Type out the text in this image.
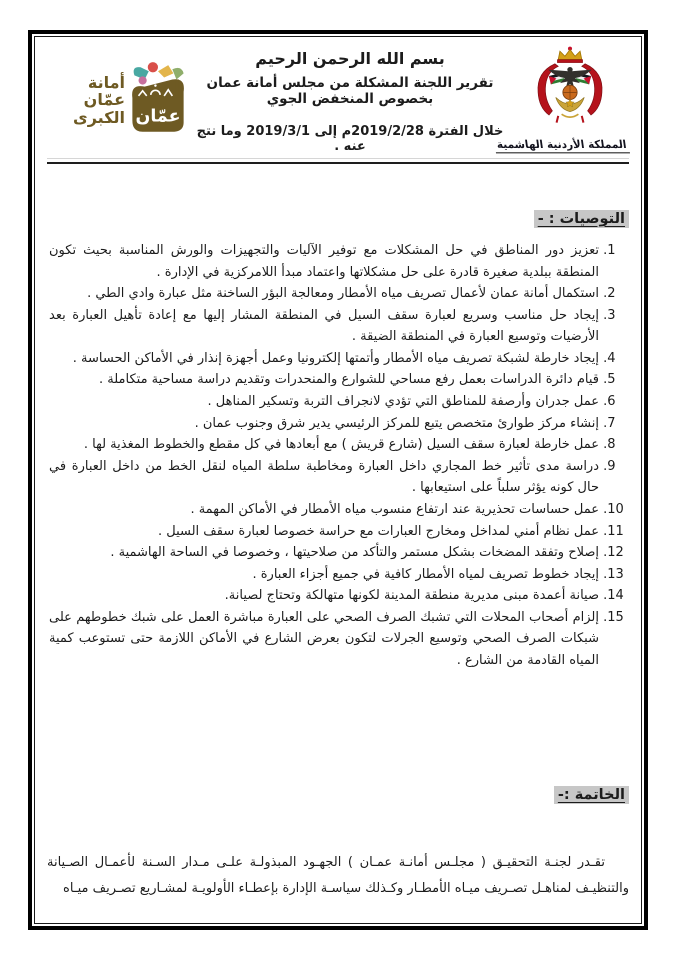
المملكة الأردنية الهاشمية
بسم الله الرحمن الرحيم
تقرير اللجنة المشكلة من مجلس أمانة عمان بخصوص المنخفض الجوي
خلال الفترة 2019/2/28م إلى 2019/3/1 وما نتج عنه .
أمانة
عمّان
الكبرى عمّان
التوصيات : -
1. تعزيز دور المناطق في حل المشكلات مع توفير الآليات والتجهيزات والورش المناسبة بحيث تكون المنطقة ببلدية صغيرة قادرة على حل مشكلاتها واعتماد مبدأ اللامركزية في الإدارة .
2. استكمال أمانة عمان لأعمال تصريف مياه الأمطار ومعالجة البؤر الساخنة مثل عبارة وادي الطي .
3. إيجاد حل مناسب وسريع لعبارة سقف السيل في المنطقة المشار إليها مع إعادة تأهيل العبارة بعد الأرضيات وتوسيع العبارة في المنطقة الضيقة .
4. إيجاد خارطة لشبكة تصريف مياه الأمطار وأتمتها إلكترونيا وعمل أجهزة إنذار في الأماكن الحساسة .
5. قيام دائرة الدراسات بعمل رفع مساحي للشوارع والمنحدرات وتقديم دراسة مساحية متكاملة .
6. عمل جدران وأرصفة للمناطق التي تؤدي لانجراف التربة وتسكير المناهل .
7. إنشاء مركز طوارئ متخصص يتبع للمركز الرئيسي يدير شرق وجنوب عمان .
8. عمل خارطة لعبارة سقف السيل (شارع قريش ) مع أبعادها في كل مقطع والخطوط المغذية لها .
9. دراسة مدى تأثير خط المجاري داخل العبارة ومخاطبة سلطة المياه لنقل الخط من داخل العبارة في حال كونه يؤثر سلباً على استيعابها .
10. عمل حساسات تحذيرية عند ارتفاع منسوب مياه الأمطار في الأماكن المهمة .
11. عمل نظام أمني لمداخل ومخارج العبارات مع حراسة خصوصا لعبارة سقف السيل .
12. إصلاح وتفقد المضخات بشكل مستمر والتأكد من صلاحيتها ، وخصوصا في الساحة الهاشمية .
13. إيجاد خطوط تصريف لمياه الأمطار كافية في جميع أجزاء العبارة .
14. صيانة أعمدة مبنى مديرية منطقة المدينة لكونها متهالكة وتحتاج لصيانة.
15. إلزام أصحاب المحلات التي تشبك الصرف الصحي على العبارة مباشرة العمل على شبك خطوطهم على شبكات الصرف الصحي وتوسيع الجرلات لتكون بعرض الشارع في الأماكن اللازمة حتى تستوعب كمية المياه القادمة من الشارع .
الخاتمة :-

تقـدر لجنـة التحقيـق ( مجلـس أمانـة عمـان ) الجهـود المبذولـة علـى مـدار السـنة لأعمـال الصـيانة والتنظيـف لمناهـل تصـريف ميـاه الأمطـار وكـذلك سياسـة الإدارة بإعطـاء الأولويـة لمشـاريع تصـريف ميـاه
